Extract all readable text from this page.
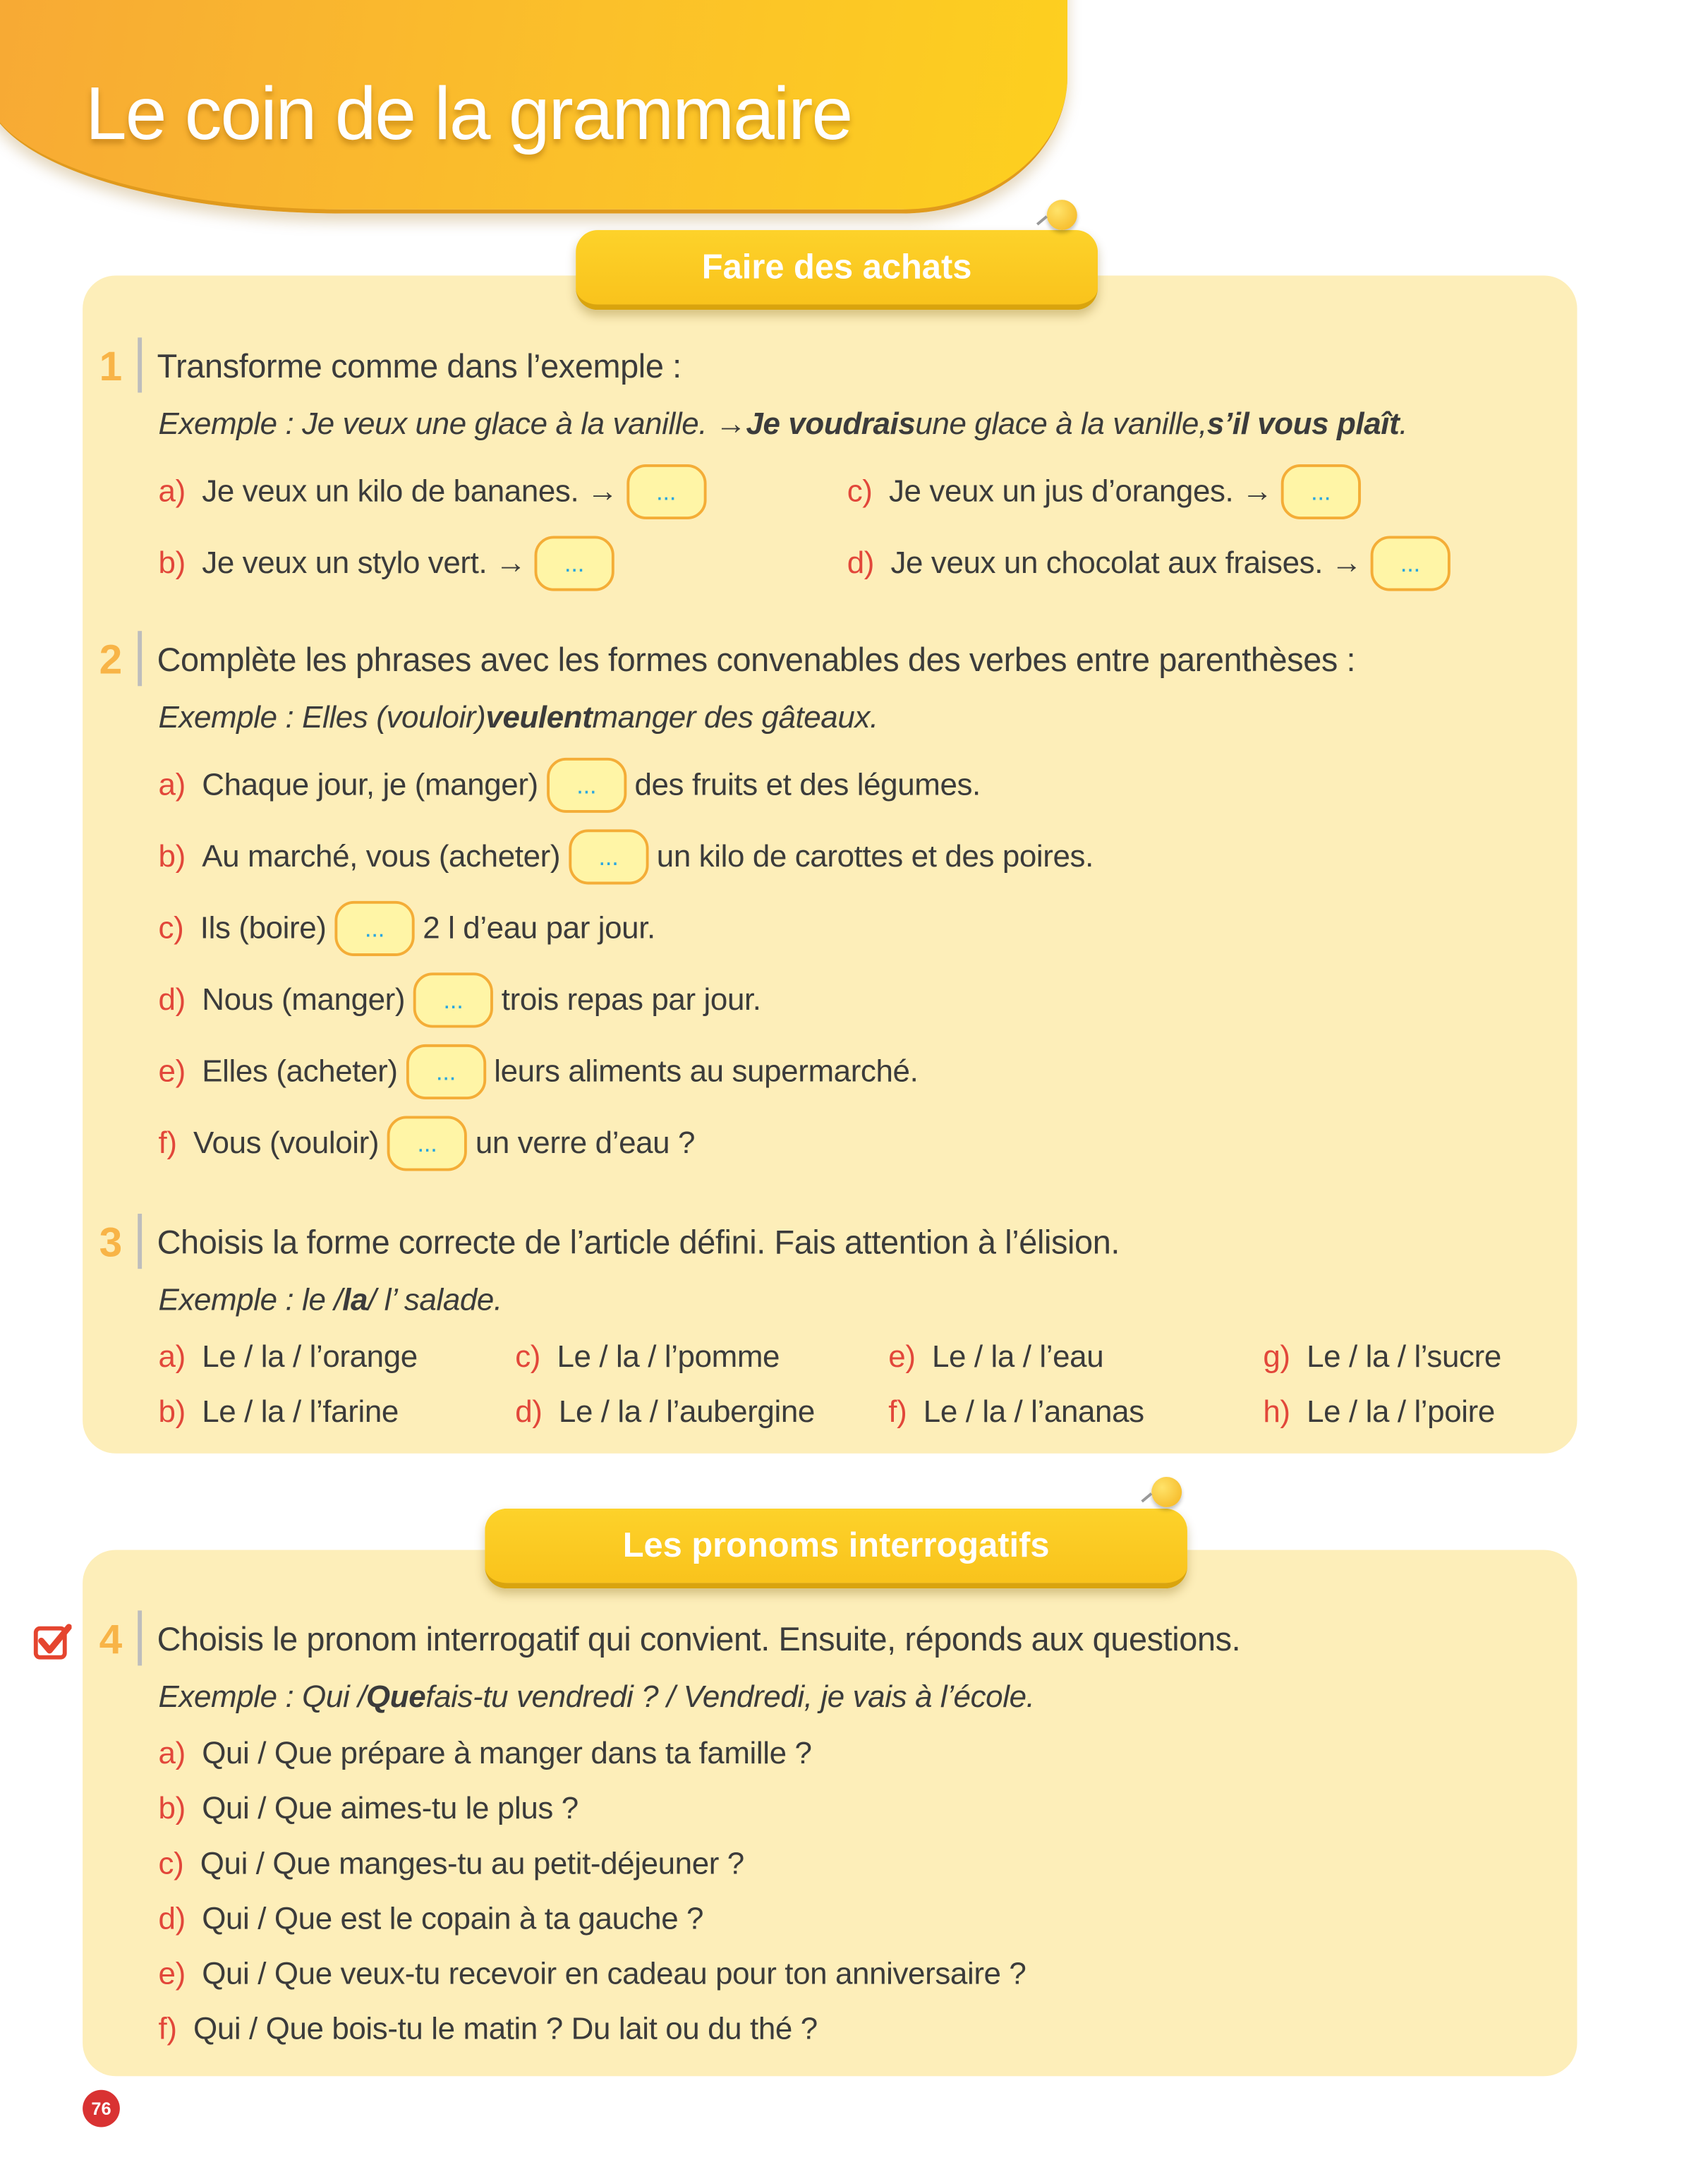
Le coin de la grammaire
Faire des achats
1 Transforme comme dans l’exemple :
Exemple : Je veux une glace à la vanille. → Je voudrais une glace à la vanille, s’il vous plaît .
a) Je veux un kilo de bananes. →	...
b) Je veux un stylo vert. →	...
c) Je veux un jus d’oranges. →	...
d) Je veux un chocolat aux fraises. →	...
2 Complète les phrases avec les formes convenables des verbes entre parenthèses :
Exemple : Elles (vouloir) veulent manger des gâteaux.
a) Chaque jour, je (manger)	...	des fruits et des légumes.
b) Au marché, vous (acheter)	...	un kilo de carottes et des poires.
c) Ils (boire)	...	2 l d’eau par jour.
d) Nous (manger)	...	trois repas par jour.
e) Elles (acheter)	...	leurs aliments au supermarché.
f) Vous (vouloir)	...	un verre d’eau ?
3 Choisis la forme correcte de l’article défini. Fais attention à l’élision.
Exemple : le / la / l’ salade.
a) Le / la / l’orange
b) Le / la / l’farine
c) Le / la / l’pomme
d) Le / la / l’aubergine
e) Le / la / l’eau
f) Le / la / l’ananas
g) Le / la / l’sucre
h) Le / la / l’poire
Les pronoms interrogatifs
4 Choisis le pronom interrogatif qui convient. Ensuite, réponds aux questions.
Exemple : Qui / Que fais-tu vendredi ? / Vendredi, je vais à l’école.
a) Qui / Que prépare à manger dans ta famille ?
b) Qui / Que aimes-tu le plus ?
c) Qui / Que manges-tu au petit-déjeuner ?
d) Qui / Que est le copain à ta gauche ?
e) Qui / Que veux-tu recevoir en cadeau pour ton anniversaire ?
f) Qui / Que bois-tu le matin ? Du lait ou du thé ?
76
